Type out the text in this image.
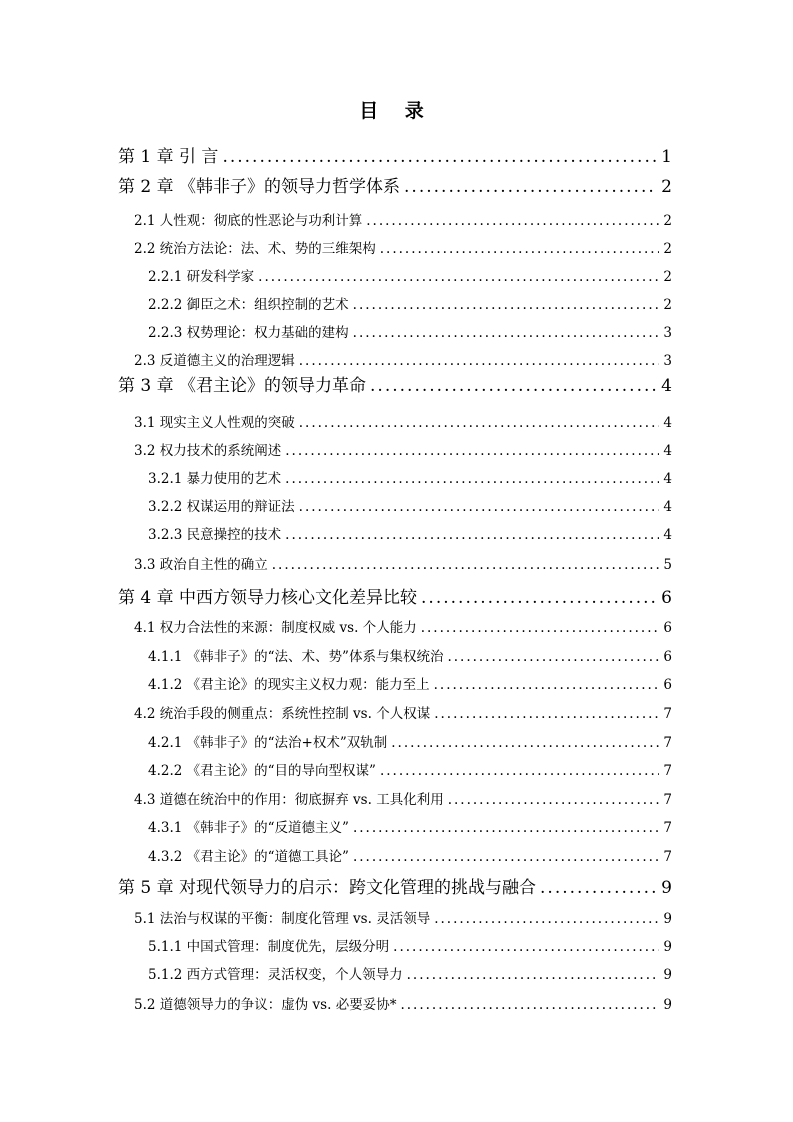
目 录
第 1 章 引 言 .....	1
第 2 章 《韩非子》的领导力哲学体系 .....	2
2.1 人性观：彻底的性恶论与功利计算 .....	2
2.2 统治方法论：法、术、势的三维架构 .....	2
2.2.1 研发科学家 .....	2
2.2.2 御臣之术：组织控制的艺术 .....	2
2.2.3 权势理论：权力基础的建构 .....	3
2.3 反道德主义的治理逻辑 .....	3
第 3 章 《君主论》的领导力革命 .....	4
3.1 现实主义人性观的突破 .....	4
3.2 权力技术的系统阐述 .....	4
3.2.1 暴力使用的艺术 .....	4
3.2.2 权谋运用的辩证法 .....	4
3.2.3 民意操控的技术 .....	4
3.3 政治自主性的确立 .....	5
第 4 章 中西方领导力核心文化差异比较 .....	6
4.1 权力合法性的来源：制度权威 vs. 个人能力 .....	6
4.1.1 《韩非子》的“法、术、势”体系与集权统治 .....	6
4.1.2 《君主论》的现实主义权力观：能力至上 .....	6
4.2 统治手段的侧重点：系统性控制 vs. 个人权谋 .....	7
4.2.1 《韩非子》的“法治+权术”双轨制 .....	7
4.2.2 《君主论》的“目的导向型权谋” .....	7
4.3 道德在统治中的作用：彻底摒弃 vs. 工具化利用 .....	7
4.3.1 《韩非子》的“反道德主义” .....	7
4.3.2 《君主论》的“道德工具论” .....	7
第 5 章 对现代领导力的启示：跨文化管理的挑战与融合 .....	9
5.1 法治与权谋的平衡：制度化管理 vs. 灵活领导 .....	9
5.1.1 中国式管理：制度优先，层级分明 .....	9
5.1.2 西方式管理：灵活权变，个人领导力 .....	9
5.2 道德领导力的争议：虚伪 vs. 必要妥协* .....	9
